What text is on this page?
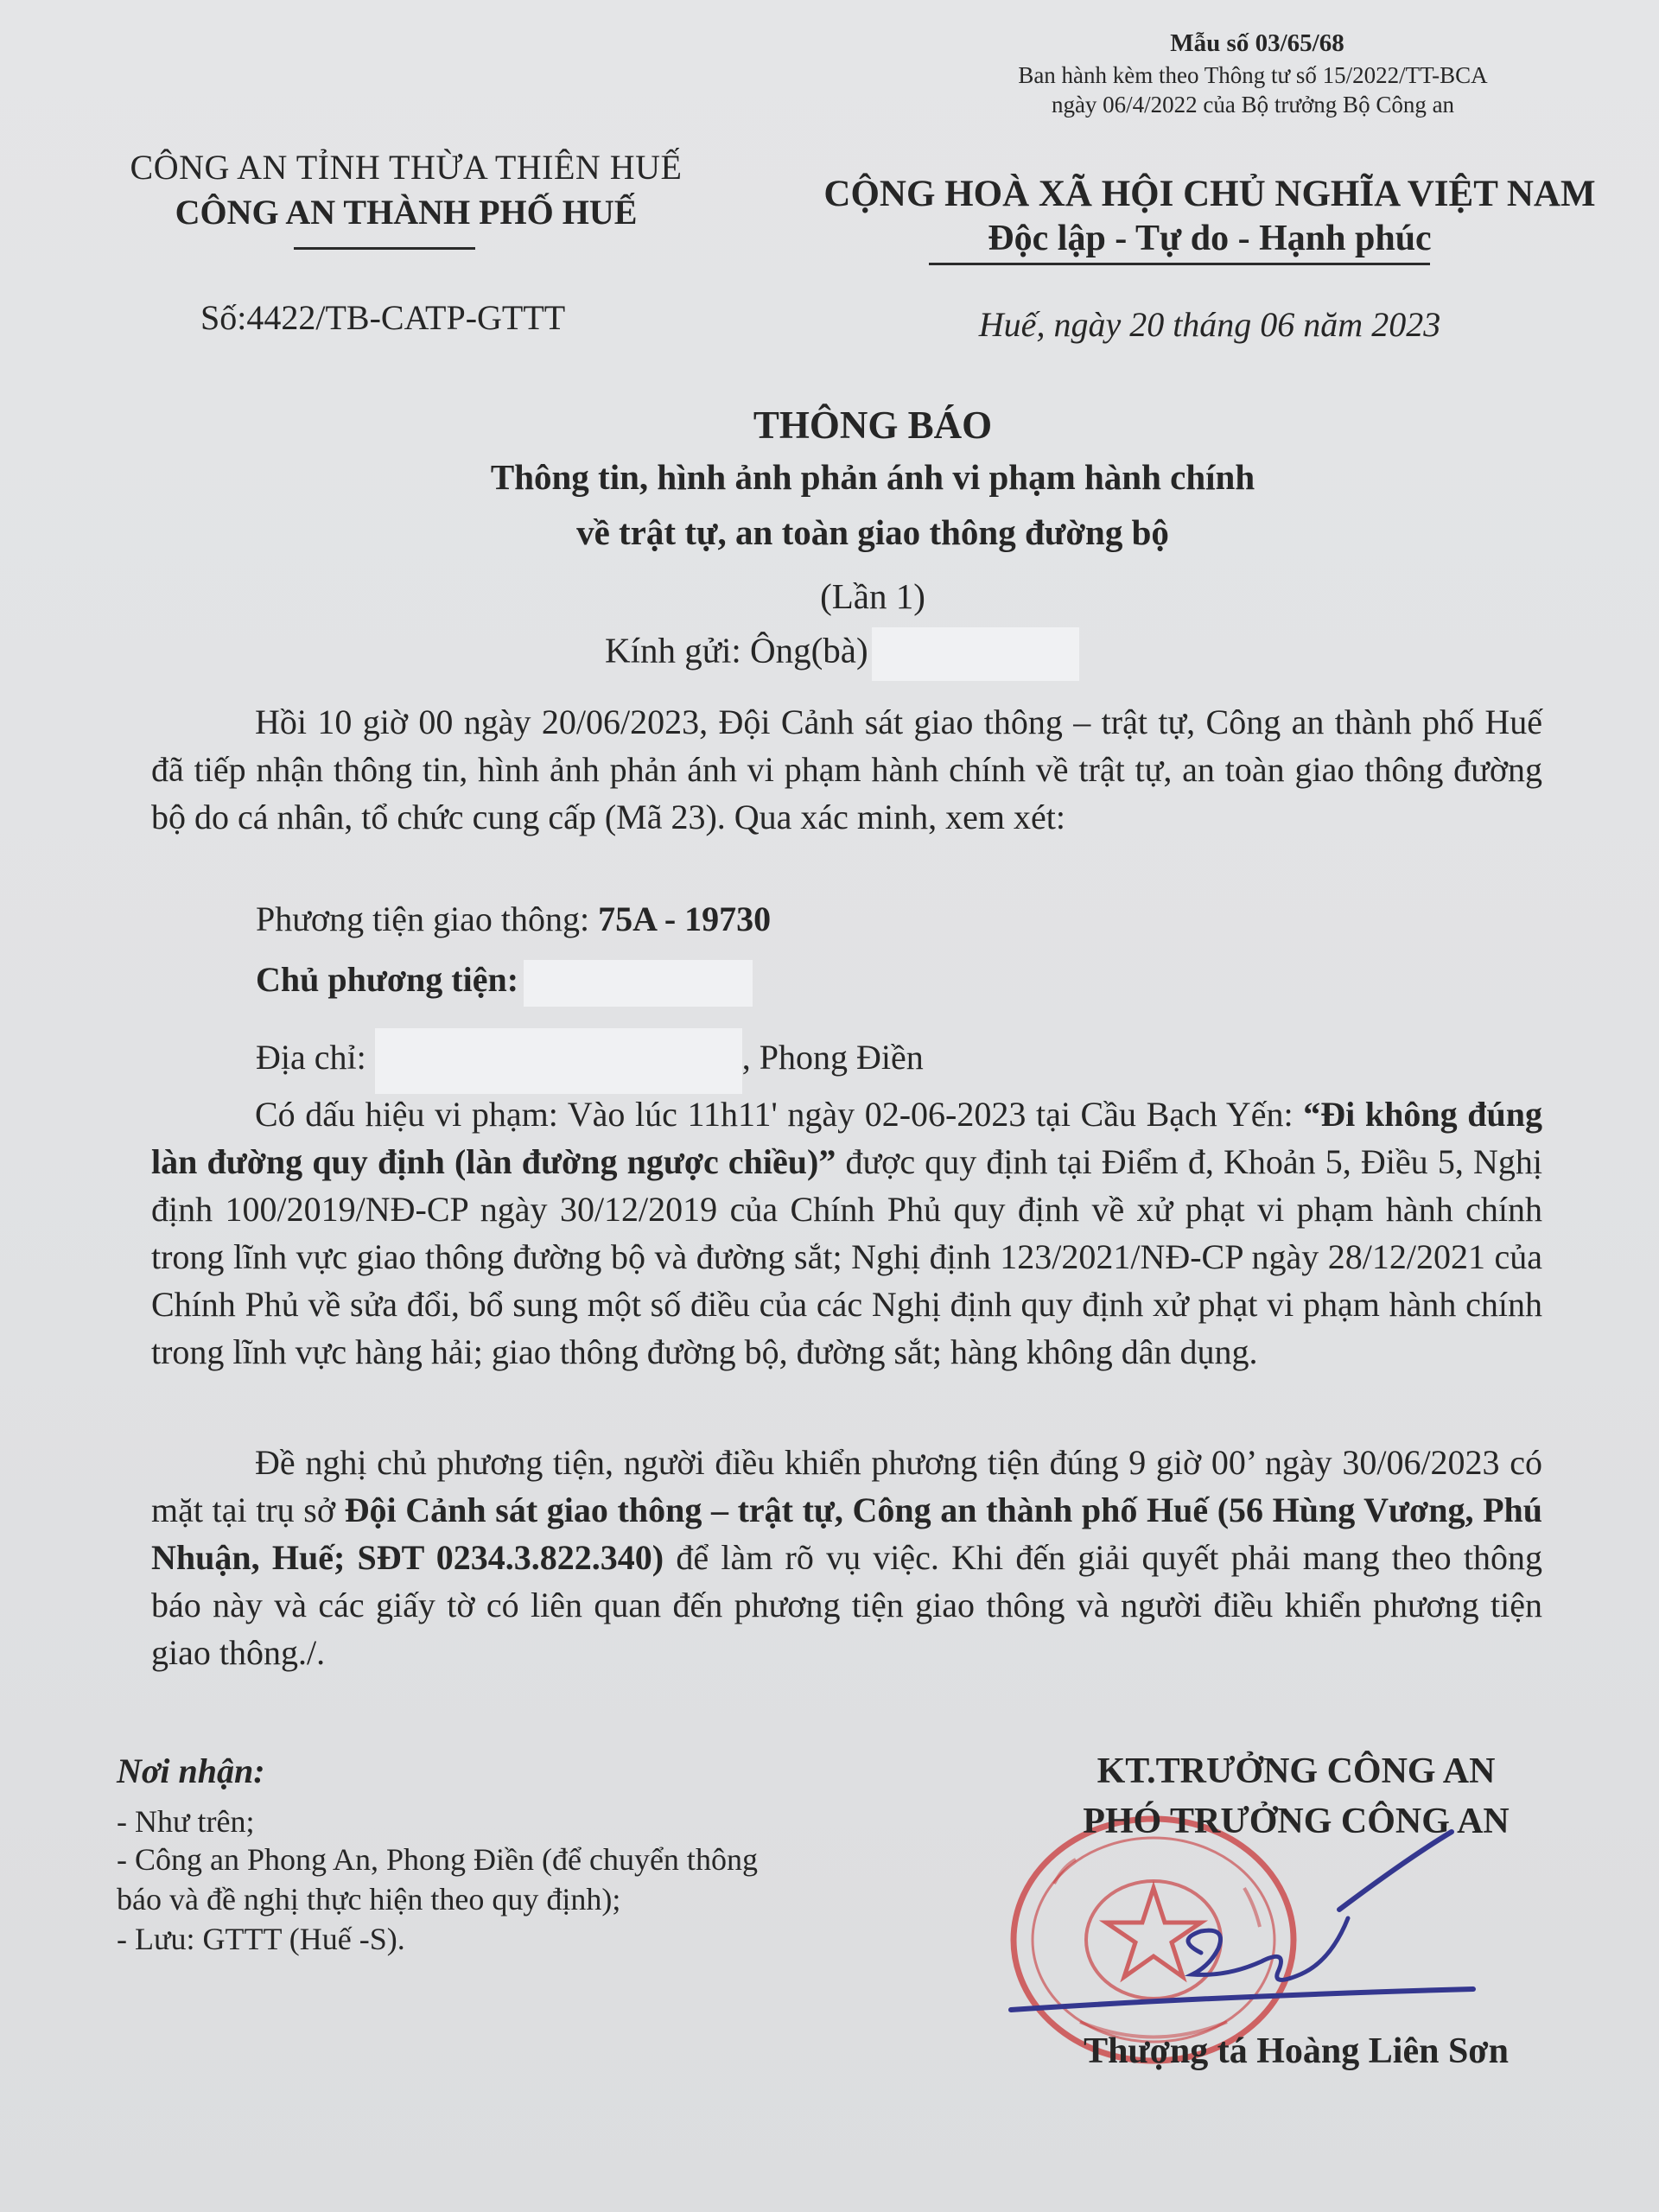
Mẫu số 03/65/68
Ban hành kèm theo Thông tư số 15/2022/TT-BCA
ngày 06/4/2022 của Bộ trưởng Bộ Công an
CÔNG AN TỈNH THỪA THIÊN HUẾ
CÔNG AN THÀNH PHỐ HUẾ
Số:4422/TB-CATP-GTTT
CỘNG HOÀ XÃ HỘI CHỦ NGHĨA VIỆT NAM
Độc lập - Tự do - Hạnh phúc
Huế, ngày 20 tháng 06 năm 2023
THÔNG BÁO
Thông tin, hình ảnh phản ánh vi phạm hành chính
về trật tự, an toàn giao thông đường bộ
(Lần 1)
Kính gửi: Ông(bà)
Hồi 10 giờ 00 ngày 20/06/2023, Đội Cảnh sát giao thông – trật tự, Công an thành phố Huế đã tiếp nhận thông tin, hình ảnh phản ánh vi phạm hành chính về trật tự, an toàn giao thông đường bộ do cá nhân, tổ chức cung cấp (Mã 23). Qua xác minh, xem xét:
Phương tiện giao thông: 75A - 19730
Chủ phương tiện:
Địa chỉ:	, Phong Điền
Có dấu hiệu vi phạm: Vào lúc 11h11' ngày 02-06-2023 tại Cầu Bạch Yến: “Đi không đúng làn đường quy định (làn đường ngược chiều)” được quy định tại Điểm đ, Khoản 5, Điều 5, Nghị định 100/2019/NĐ-CP ngày 30/12/2019 của Chính Phủ quy định về xử phạt vi phạm hành chính trong lĩnh vực giao thông đường bộ và đường sắt; Nghị định 123/2021/NĐ-CP ngày 28/12/2021 của Chính Phủ về sửa đổi, bổ sung một số điều của các Nghị định quy định xử phạt vi phạm hành chính trong lĩnh vực hàng hải; giao thông đường bộ, đường sắt; hàng không dân dụng.
Đề nghị chủ phương tiện, người điều khiển phương tiện đúng 9 giờ 00’ ngày 30/06/2023 có mặt tại trụ sở Đội Cảnh sát giao thông – trật tự, Công an thành phố Huế (56 Hùng Vương, Phú Nhuận, Huế; SĐT 0234.3.822.340) để làm rõ vụ việc. Khi đến giải quyết phải mang theo thông báo này và các giấy tờ có liên quan đến phương tiện giao thông và người điều khiển phương tiện giao thông./.
Nơi nhận:
- Như trên;
- Công an Phong An, Phong Điền (để chuyển thông
báo và đề nghị thực hiện theo quy định);
- Lưu: GTTT (Huế -S).
KT.TRƯỞNG CÔNG AN
PHÓ TRƯỞNG CÔNG AN
Thượng tá Hoàng Liên Sơn
